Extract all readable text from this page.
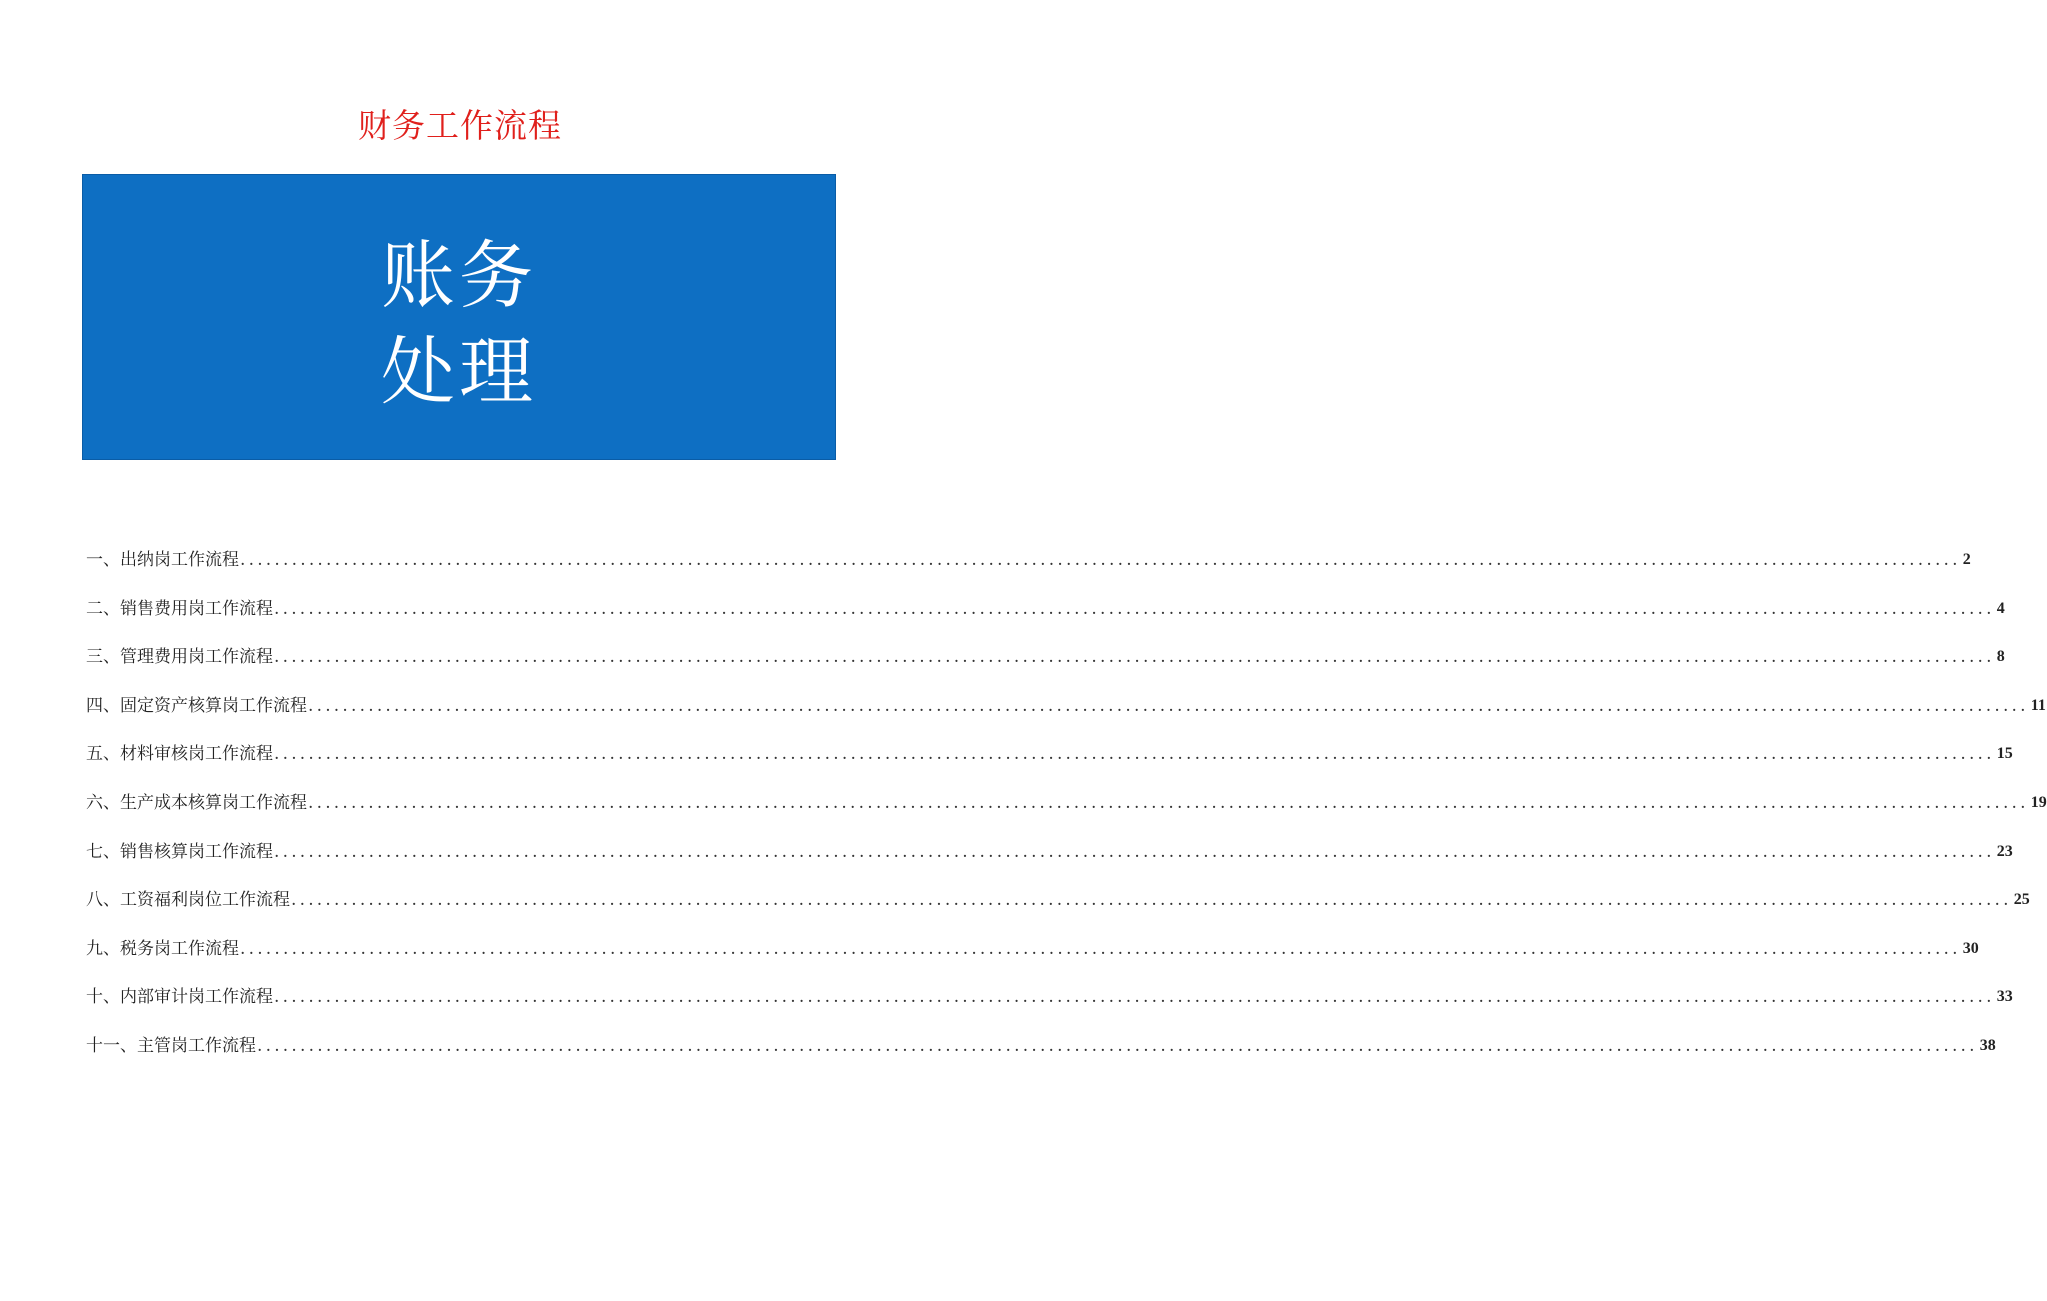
财务工作流程
账务
处理
一、出纳岗工作流程 ........................................................................................................................................................................................................ 2
二、销售费用岗工作流程 ........................................................................................................................................................................................................ 4
三、管理费用岗工作流程 ........................................................................................................................................................................................................ 8
四、固定资产核算岗工作流程 ........................................................................................................................................................................................................ 11
五、材料审核岗工作流程 ........................................................................................................................................................................................................ 15
六、生产成本核算岗工作流程 ........................................................................................................................................................................................................ 19
七、销售核算岗工作流程 ........................................................................................................................................................................................................ 23
八、工资福利岗位工作流程 ........................................................................................................................................................................................................ 25
九、税务岗工作流程 ........................................................................................................................................................................................................ 30
十、内部审计岗工作流程 ........................................................................................................................................................................................................ 33
十一、主管岗工作流程 ........................................................................................................................................................................................................ 38
